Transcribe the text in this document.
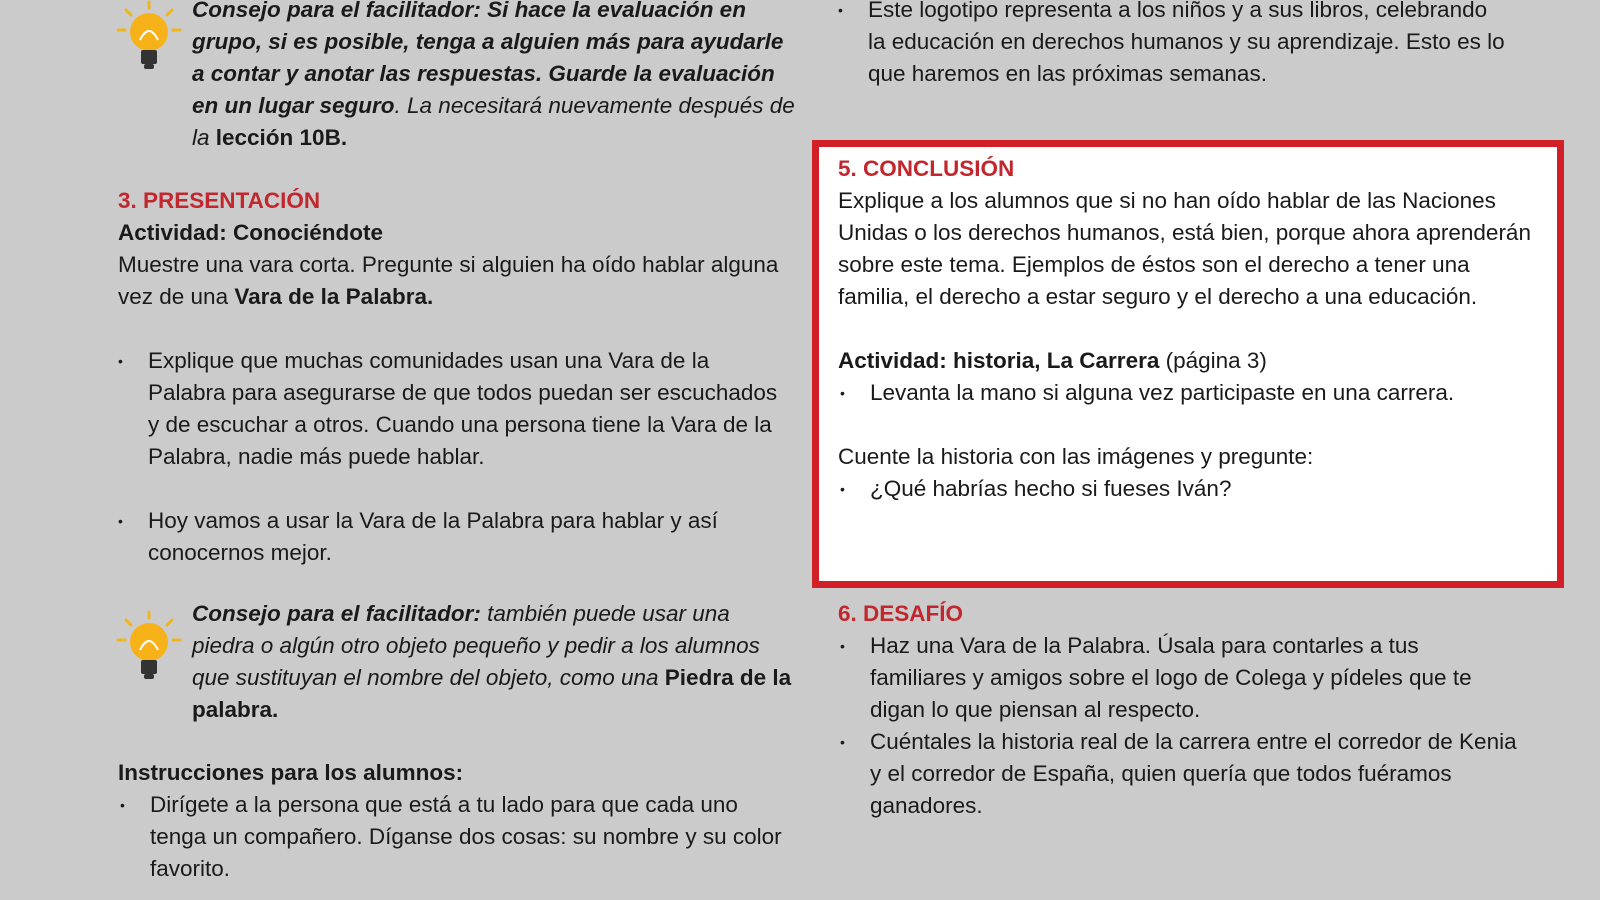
Consejo para el facilitador: Si hace la evaluación en grupo, si es posible, tenga a alguien más para ayudarle a contar y anotar las respuestas. Guarde la evaluación en un lugar seguro. La necesitará nuevamente después de la lección 10B.
3. PRESENTACIÓN
Actividad: Conociéndote
Muestre una vara corta. Pregunte si alguien ha oído hablar alguna vez de una Vara de la Palabra.
• Explique que muchas comunidades usan una Vara de la Palabra para asegurarse de que todos puedan ser escuchados y de escuchar a otros. Cuando una persona tiene la Vara de la Palabra, nadie más puede hablar.
• Hoy vamos a usar la Vara de la Palabra para hablar y así conocernos mejor.
Consejo para el facilitador: también puede usar una piedra o algún otro objeto pequeño y pedir a los alumnos que sustituyan el nombre del objeto, como una Piedra de la palabra.
Instrucciones para los alumnos:
• Dirígete a la persona que está a tu lado para que cada uno tenga un compañero. Díganse dos cosas: su nombre y su color favorito.
• Este logotipo representa a los niños y a sus libros, celebrando la educación en derechos humanos y su aprendizaje. Esto es lo que haremos en las próximas semanas.
5. CONCLUSIÓN
Explique a los alumnos que si no han oído hablar de las Naciones Unidas o los derechos humanos, está bien, porque ahora aprenderán sobre este tema. Ejemplos de éstos son el derecho a tener una familia, el derecho a estar seguro y el derecho a una educación.
Actividad: historia, La Carrera (página 3)
• Levanta la mano si alguna vez participaste en una carrera.
Cuente la historia con las imágenes y pregunte:
• ¿Qué habrías hecho si fueses Iván?
6. DESAFÍO
• Haz una Vara de la Palabra. Úsala para contarles a tus familiares y amigos sobre el logo de Colega y pídeles que te digan lo que piensan al respecto.
• Cuéntales la historia real de la carrera entre el corredor de Kenia y el corredor de España, quien quería que todos fuéramos ganadores.
